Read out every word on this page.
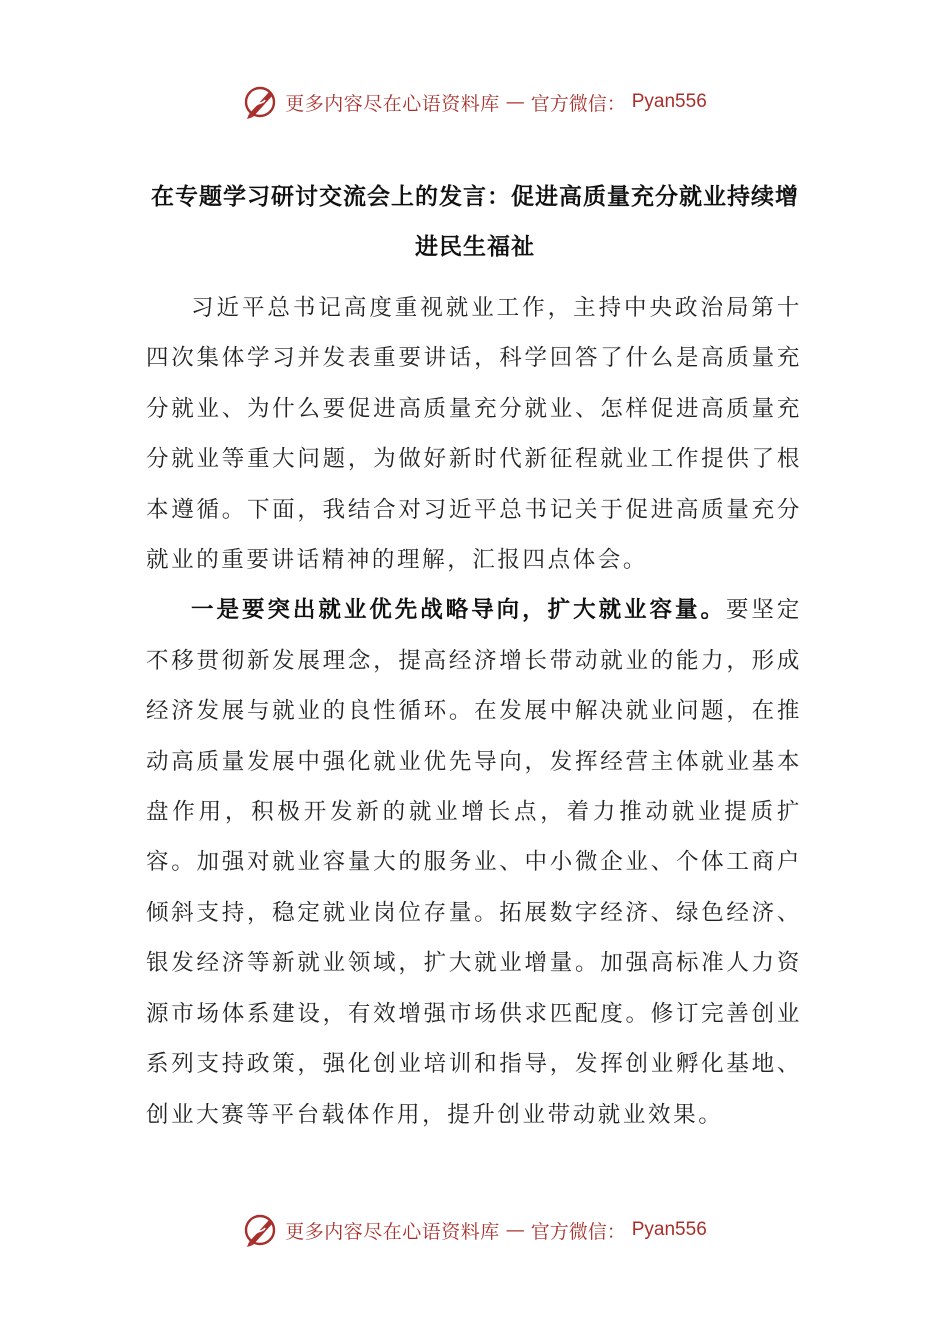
更多内容尽在心语资料库 — 官方微信： Pyan556
在专题学习研讨交流会上的发言：促进高质量充分就业持续增进民生福祉

习近平总书记高度重视就业工作，主持中央政治局第十四次集体学习并发表重要讲话，科学回答了什么是高质量充分就业、为什么要促进高质量充分就业、怎样促进高质量充分就业等重大问题，为做好新时代新征程就业工作提供了根本遵循。下面，我结合对习近平总书记关于促进高质量充分就业的重要讲话精神的理解，汇报四点体会。

一是要突出就业优先战略导向，扩大就业容量。要坚定不移贯彻新发展理念，提高经济增长带动就业的能力，形成经济发展与就业的良性循环。在发展中解决就业问题，在推动高质量发展中强化就业优先导向，发挥经营主体就业基本盘作用，积极开发新的就业增长点，着力推动就业提质扩容。加强对就业容量大的服务业、中小微企业、个体工商户倾斜支持，稳定就业岗位存量。拓展数字经济、绿色经济、银发经济等新就业领域，扩大就业增量。加强高标准人力资源市场体系建设，有效增强市场供求匹配度。修订完善创业系列支持政策，强化创业培训和指导，发挥创业孵化基地、创业大赛等平台载体作用，提升创业带动就业效果。

更多内容尽在心语资料库 — 官方微信： Pyan556
